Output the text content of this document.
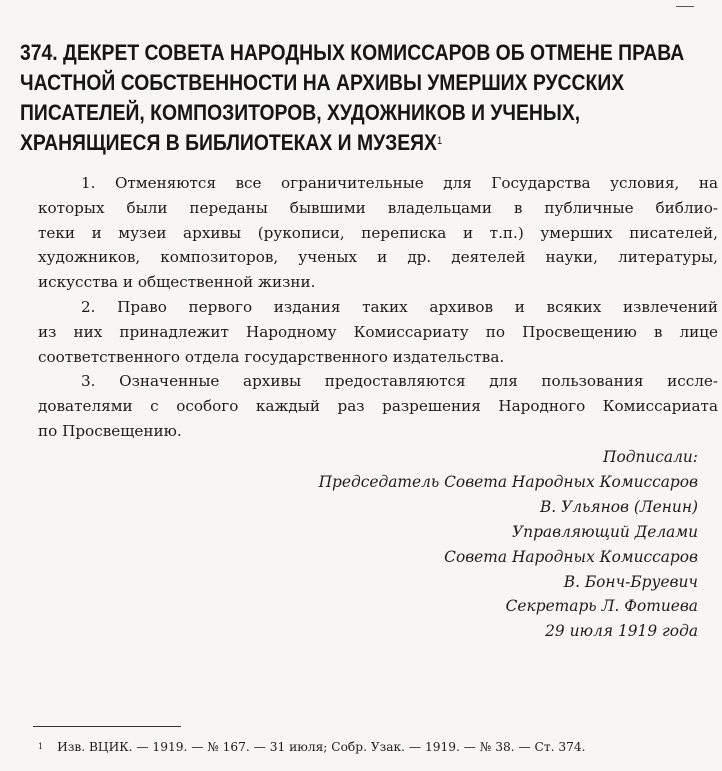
374. ДЕКРЕТ СОВЕТА НАРОДНЫХ КОМИССАРОВ ОБ ОТМЕНЕ ПРАВА
ЧАСТНОЙ СОБСТВЕННОСТИ НА АРХИВЫ УМЕРШИХ РУССКИХ
ПИСАТЕЛЕЙ, КОМПОЗИТОРОВ, ХУДОЖНИКОВ И УЧЕНЫХ,
ХРАНЯЩИЕСЯ В БИБЛИОТЕКАХ И МУЗЕЯХ$^1$

1. Отменяются все ограничительные для Государства условия, на
которых были переданы бывшими владельцами в публичные библио-
теки и музеи архивы (рукописи, переписка и т.п.) умерших писателей,
художников, композиторов, ученых и др. деятелей науки, литературы,
искусства и общественной жизни.

2. Право первого издания таких архивов и всяких извлечений
из них принадлежит Народному Комиссариату по Просвещению в лице
соответственного отдела государственного издательства.

3. Означенные архивы предоставляются для пользования иссле-
дователями с особого каждый раз разрешения Народного Комиссариата
по Просвещению.

Подписали:
Председатель Совета Народных Комиссаров
В. Ульянов (Ленин)
Управляющий Делами
Совета Народных Комиссаров
В. Бонч-Бруевич
Секретарь Л. Фотиева
29 июля 1919 года
$^1$ Изв. ВЦИК. — 1919. — № 167. — 31 июля; Собр. Узак. — 1919. — № 38. — Ст. 374.
